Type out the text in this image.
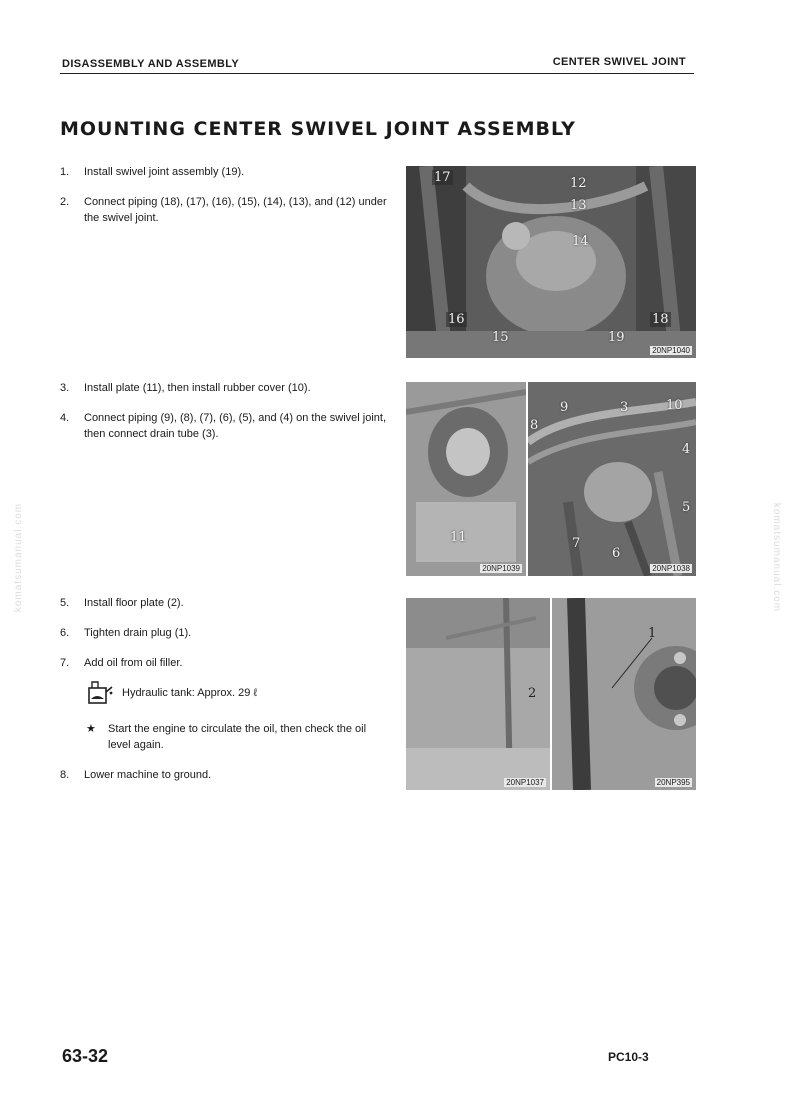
DISASSEMBLY AND ASSEMBLY	CENTER SWIVEL JOINT
MOUNTING CENTER SWIVEL JOINT ASSEMBLY
1. Install swivel joint assembly (19).
2. Connect piping (18), (17), (16), (15), (14), (13), and (12) under the swivel joint.
3. Install plate (11), then install rubber cover (10).
4. Connect piping (9), (8), (7), (6), (5), and (4) on the swivel joint, then connect drain tube (3).
5. Install floor plate (2).
6. Tighten drain plug (1).
7. Add oil from oil filler.
Hydraulic tank: Approx. 29 ℓ
★ Start the engine to circulate the oil, then check the oil level again.
8. Lower machine to ground.
17	12
13
14
16
15	19
18
20NP1040
11
20NP1039
9	3	10
8
4
5
7
6
20NP1038
2
20NP1037
1
20NP395
komatsumanual.com	komatsumanual.com
63-32	PC10-3
